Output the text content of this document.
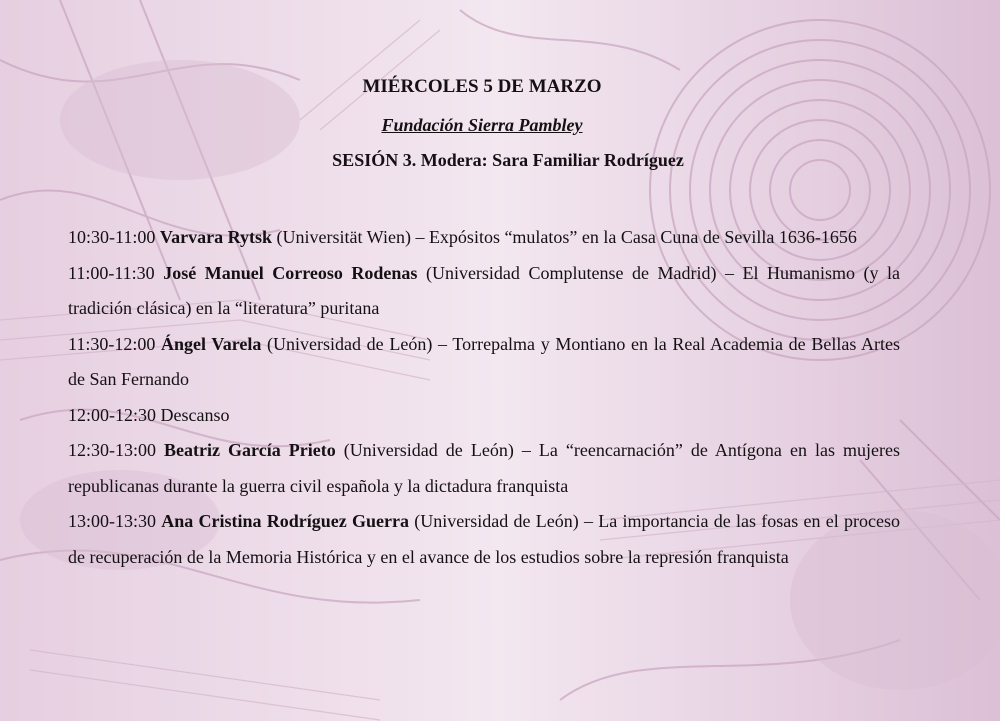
MIÉRCOLES 5 DE MARZO
Fundación Sierra Pambley
SESIÓN 3. Modera: Sara Familiar Rodríguez

10:30-11:00 Varvara Rytsk (Universität Wien) – Expósitos “mulatos” en la Casa Cuna de Sevilla 1636-1656

11:00-11:30 José Manuel Correoso Rodenas (Universidad Complutense de Madrid) – El Humanismo (y la tradición clásica) en la “literatura” puritana

11:30-12:00 Ángel Varela (Universidad de León) – Torrepalma y Montiano en la Real Academia de Bellas Artes de San Fernando

12:00-12:30 Descanso

12:30-13:00 Beatriz García Prieto (Universidad de León) – La “reencarnación” de Antígona en las mujeres republicanas durante la guerra civil española y la dictadura franquista

13:00-13:30 Ana Cristina Rodríguez Guerra (Universidad de León) – La importancia de las fosas en el proceso de recuperación de la Memoria Histórica y en el avance de los estudios sobre la represión franquista
